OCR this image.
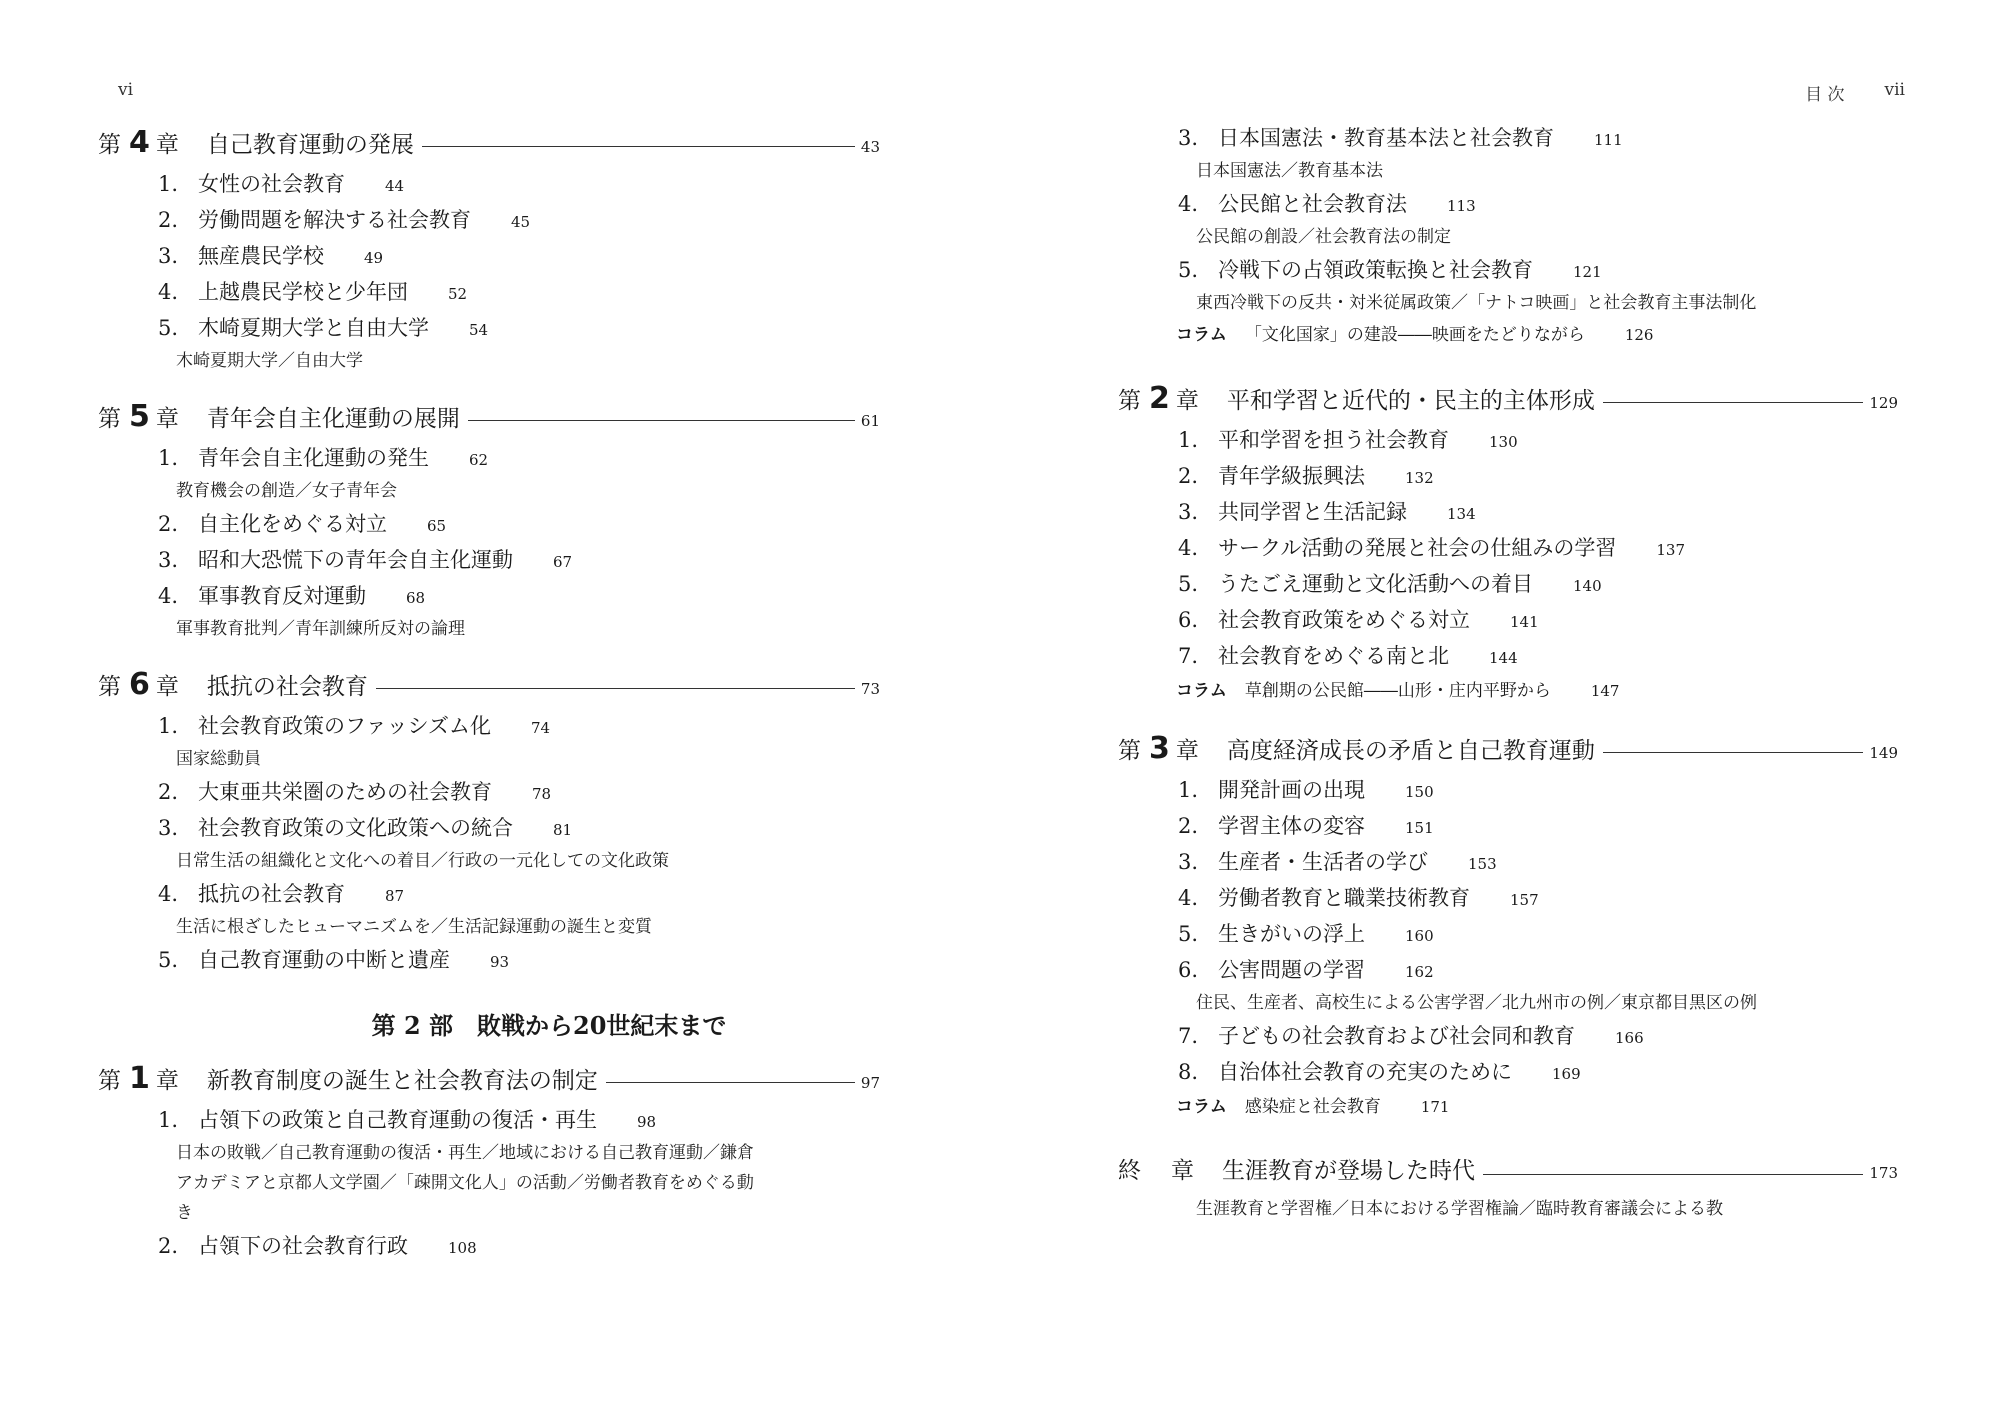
vi
第 4 章 自己教育運動の発展	43
1. 女性の社会教育	44
2. 労働問題を解決する社会教育	45
3. 無産農民学校	49
4. 上越農民学校と少年団	52
5. 木崎夏期大学と自由大学	54
木崎夏期大学／自由大学
第 5 章 青年会自主化運動の展開	61
1. 青年会自主化運動の発生	62
教育機会の創造／女子青年会
2. 自主化をめぐる対立	65
3. 昭和大恐慌下の青年会自主化運動	67
4. 軍事教育反対運動	68
軍事教育批判／青年訓練所反対の論理
第 6 章 抵抗の社会教育	73
1. 社会教育政策のファッシズム化	74
国家総動員
2. 大東亜共栄圏のための社会教育	78
3. 社会教育政策の文化政策への統合	81
日常生活の組織化と文化への着目／行政の一元化しての文化政策
4. 抵抗の社会教育	87
生活に根ざしたヒューマニズムを／生活記録運動の誕生と変質
5. 自己教育運動の中断と遺産	93
第 2 部　敗戦から20世紀末まで
第 1 章 新教育制度の誕生と社会教育法の制定	97
1. 占領下の政策と自己教育運動の復活・再生	98
日本の敗戦／自己教育運動の復活・再生／地域における自己教育運動／鎌倉アカデミアと京都人文学園／「疎開文化人」の活動／労働者教育をめぐる動き
2. 占領下の社会教育行政	108
目 次 vii
3. 日本国憲法・教育基本法と社会教育	111
日本国憲法／教育基本法
4. 公民館と社会教育法	113
公民館の創設／社会教育法の制定
5. 冷戦下の占領政策転換と社会教育	121
東西冷戦下の反共・対米従属政策／「ナトコ映画」と社会教育主事法制化
コラム 「文化国家」の建設――映画をたどりながら	126
第 2 章 平和学習と近代的・民主的主体形成	129
1. 平和学習を担う社会教育	130
2. 青年学級振興法	132
3. 共同学習と生活記録	134
4. サークル活動の発展と社会の仕組みの学習	137
5. うたごえ運動と文化活動への着目	140
6. 社会教育政策をめぐる対立	141
7. 社会教育をめぐる南と北	144
コラム 草創期の公民館――山形・庄内平野から	147
第 3 章 高度経済成長の矛盾と自己教育運動	149
1. 開発計画の出現	150
2. 学習主体の変容	151
3. 生産者・生活者の学び	153
4. 労働者教育と職業技術教育	157
5. 生きがいの浮上	160
6. 公害問題の学習	162
住民、生産者、高校生による公害学習／北九州市の例／東京都目黒区の例
7. 子どもの社会教育および社会同和教育	166
8. 自治体社会教育の充実のために	169
コラム 感染症と社会教育	171
終 章 生涯教育が登場した時代	173
生涯教育と学習権／日本における学習権論／臨時教育審議会による教
